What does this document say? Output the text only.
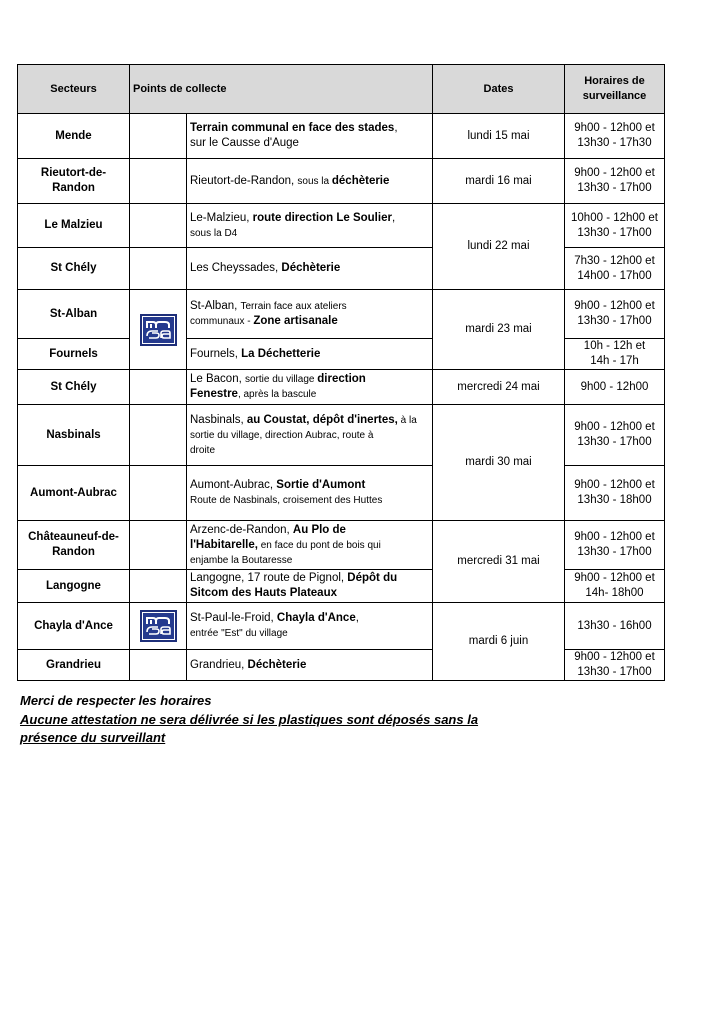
Secteurs	Points de collecte		Dates	Horaires de
surveillance
Mende		Terrain communal en face des stades,
sur le Causse d'Auge	lundi 15 mai	9h00 - 12h00 et
13h30 - 17h30
Rieutort-de-
Randon		Rieutort-de-Randon, sous la déchèterie	mardi 16 mai	9h00 - 12h00 et
13h30 - 17h00
Le Malzieu		Le-Malzieu, route direction Le Soulier,
sous la D4	lundi 22 mai	10h00 - 12h00 et
13h30 - 17h00
St Chély		Les Cheyssades, Déchèterie		7h30 - 12h00 et
14h00 - 17h00
St-Alban		St-Alban, Terrain face aux ateliers
communaux - Zone artisanale	mardi 23 mai	9h00 - 12h00 et
13h30 - 17h00
Fournels		Fournels, La Déchetterie		10h - 12h et
14h - 17h
St Chély		Le Bacon, sortie du village direction
Fenestre, après la bascule	mercredi 24 mai	9h00 - 12h00
Nasbinals		Nasbinals, au Coustat, dépôt d'inertes, à la
sortie du village, direction Aubrac, route à
droite	mardi 30 mai	9h00 - 12h00 et
13h30 - 17h00
Aumont-Aubrac		Aumont-Aubrac, Sortie d'Aumont
Route de Nasbinals, croisement des Huttes		9h00 - 12h00 et
13h30 - 18h00
Châteauneuf-de-
Randon		Arzenc-de-Randon, Au Plo de
l'Habitarelle, en face du pont de bois qui
enjambe la Boutaresse	mercredi 31 mai	9h00 - 12h00 et
13h30 - 17h00
Langogne		Langogne, 17 route de Pignol, Dépôt du
Sitcom des Hauts Plateaux		9h00 - 12h00 et
14h- 18h00
Chayla d'Ance		St-Paul-le-Froid, Chayla d'Ance,
entrée "Est" du village	mardi 6 juin	13h30 - 16h00
Grandrieu		Grandrieu, Déchèterie		9h00 - 12h00 et
13h30 - 17h00
Merci de respecter les horaires
Aucune attestation ne sera délivrée si les plastiques sont déposés sans la
présence du surveillant
